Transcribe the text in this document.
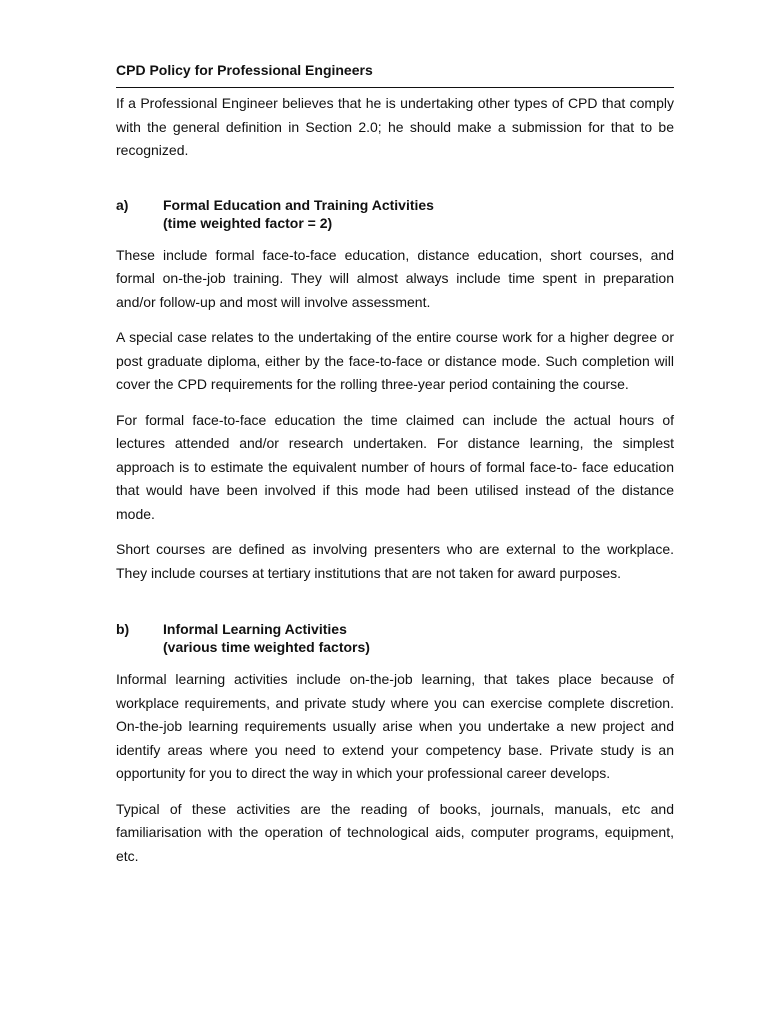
CPD Policy for Professional Engineers

If a Professional Engineer believes that he is undertaking other types of CPD that comply with the general definition in Section 2.0; he should make a submission for that to be recognized.

a)	Formal Education and Training Activities
(time weighted factor = 2)

These include formal face-to-face education, distance education, short courses, and formal on-the-job training. They will almost always include time spent in preparation and/or follow-up and most will involve assessment.

A special case relates to the undertaking of the entire course work for a higher degree or post graduate diploma, either by the face-to-face or distance mode. Such completion will cover the CPD requirements for the rolling three-year period containing the course.

For formal face-to-face education the time claimed can include the actual hours of lectures attended and/or research undertaken. For distance learning, the simplest approach is to estimate the equivalent number of hours of formal face-to- face education that would have been involved if this mode had been utilised instead of the distance mode.

Short courses are defined as involving presenters who are external to the workplace. They include courses at tertiary institutions that are not taken for award purposes.

b)	Informal Learning Activities
(various time weighted factors)

Informal learning activities include on-the-job learning, that takes place because of workplace requirements, and private study where you can exercise complete discretion. On-the-job learning requirements usually arise when you undertake a new project and identify areas where you need to extend your competency base. Private study is an opportunity for you to direct the way in which your professional career develops.

Typical of these activities are the reading of books, journals, manuals, etc and familiarisation with the operation of technological aids, computer programs, equipment, etc.
